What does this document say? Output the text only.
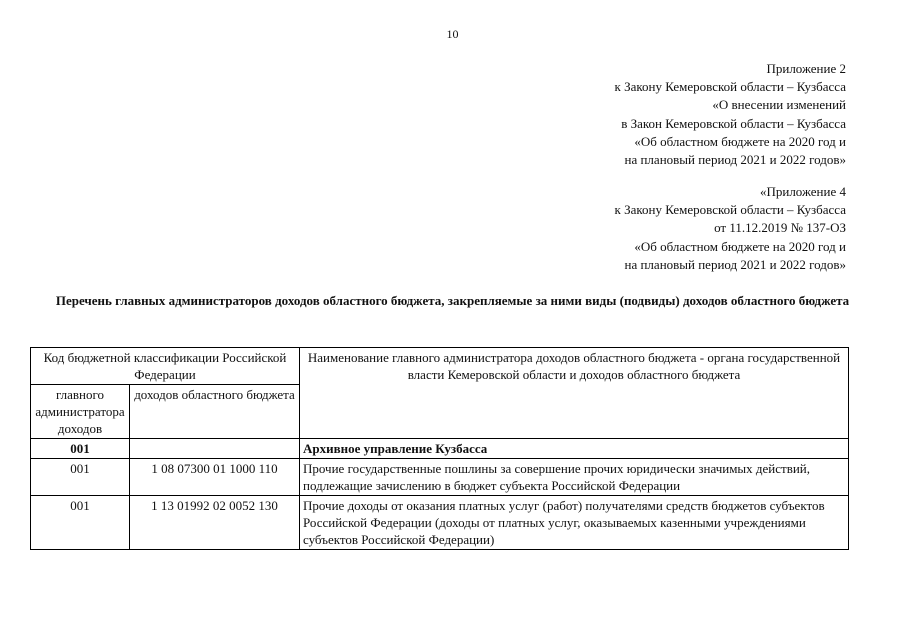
10
Приложение 2
к Закону Кемеровской области – Кузбасса
«О внесении изменений
в Закон Кемеровской области – Кузбасса
«Об областном бюджете на 2020 год и
на плановый период 2021 и 2022 годов»
«Приложение 4
к Закону Кемеровской области – Кузбасса
от 11.12.2019 № 137-ОЗ
«Об областном бюджете на 2020 год и
на плановый период 2021 и 2022 годов»
Перечень главных администраторов доходов областного бюджета, закрепляемые за ними виды (подвиды) доходов областного бюджета
Код бюджетной классификации Российской Федерации		Наименование главного администратора доходов областного бюджета - органа государственной власти Кемеровской области и доходов областного бюджета
главного администратора доходов	доходов областного бюджета	
001		Архивное управление Кузбасса
001	1 08 07300 01 1000 110	Прочие государственные пошлины за совершение прочих юридически значимых действий, подлежащие зачислению в бюджет субъекта Российской Федерации
001	1 13 01992 02 0052 130	Прочие доходы от оказания платных услуг (работ) получателями средств бюджетов субъектов Российской Федерации (доходы от платных услуг, оказываемых казенными учреждениями субъектов Российской Федерации)
